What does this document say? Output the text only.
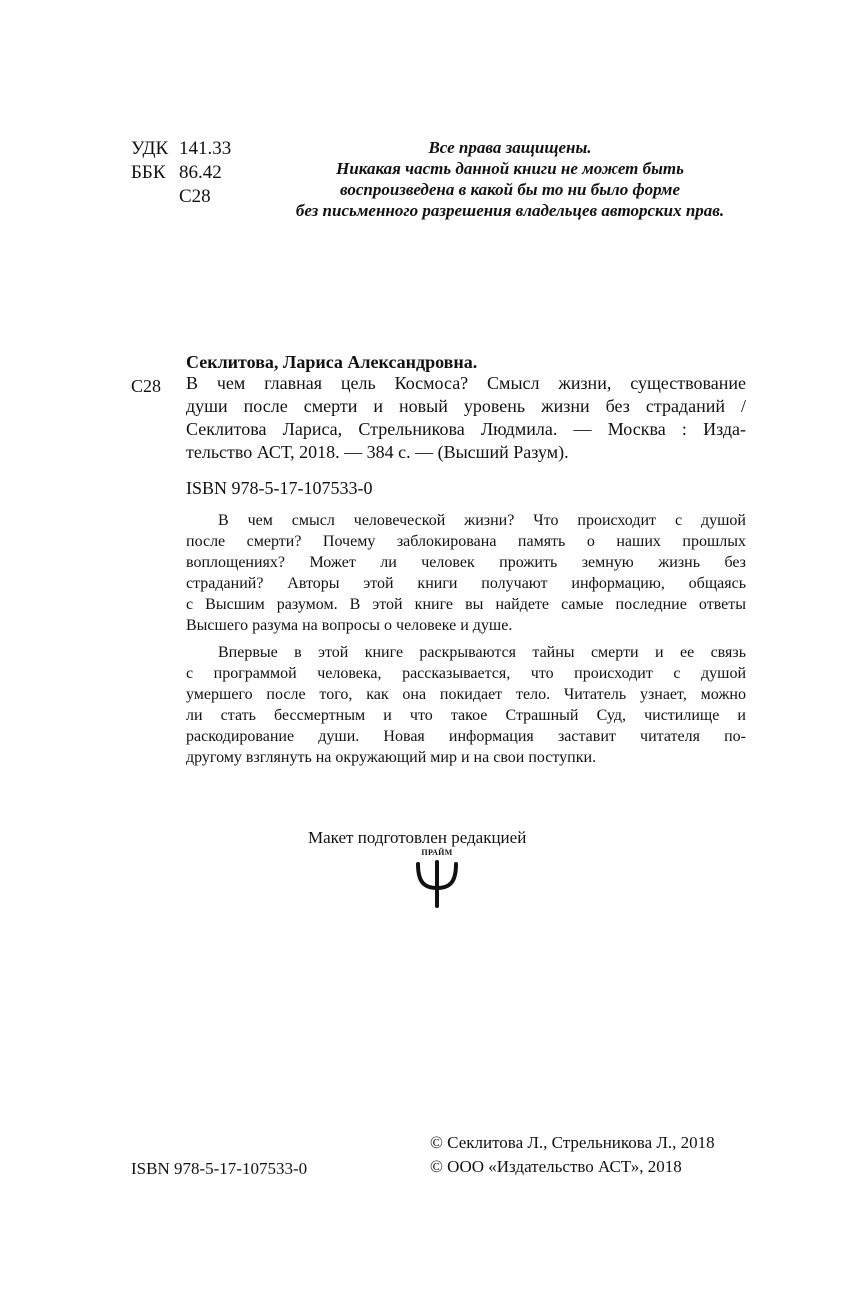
УДК 141.33
ББК 86.42
С28
Все права защищены.
Никакая часть данной книги не может быть
воспроизведена в какой бы то ни было форме
без письменного разрешения владельцев авторских прав.
Секлитова, Лариса Александровна.
С28 В чем главная цель Космоса? Смысл жизни, существование
души после смерти и новый уровень жизни без страданий /
Секлитова Лариса, Стрельникова Людмила. — Москва : Изда-
тельство АСТ, 2018. — 384 с. — (Высший Разум).
ISBN 978-5-17-107533-0
В чем смысл человеческой жизни? Что происходит с душой
после смерти? Почему заблокирована память о наших прошлых
воплощениях? Может ли человек прожить земную жизнь без
страданий? Авторы этой книги получают информацию, общаясь
с Высшим разумом. В этой книге вы найдете самые последние ответы
Высшего разума на вопросы о человеке и душе.
Впервые в этой книге раскрываются тайны смерти и ее связь
с программой человека, рассказывается, что происходит с душой
умершего после того, как она покидает тело. Читатель узнает, можно
ли стать бессмертным и что такое Страшный Суд, чистилище и
раскодирование души. Новая информация заставит читателя по-
другому взглянуть на окружающий мир и на свои поступки.
Макет подготовлен редакцией
ПРАЙМ
ISBN 978-5-17-107533-0
© Секлитова Л., Стрельникова Л., 2018
© ООО «Издательство АСТ», 2018
